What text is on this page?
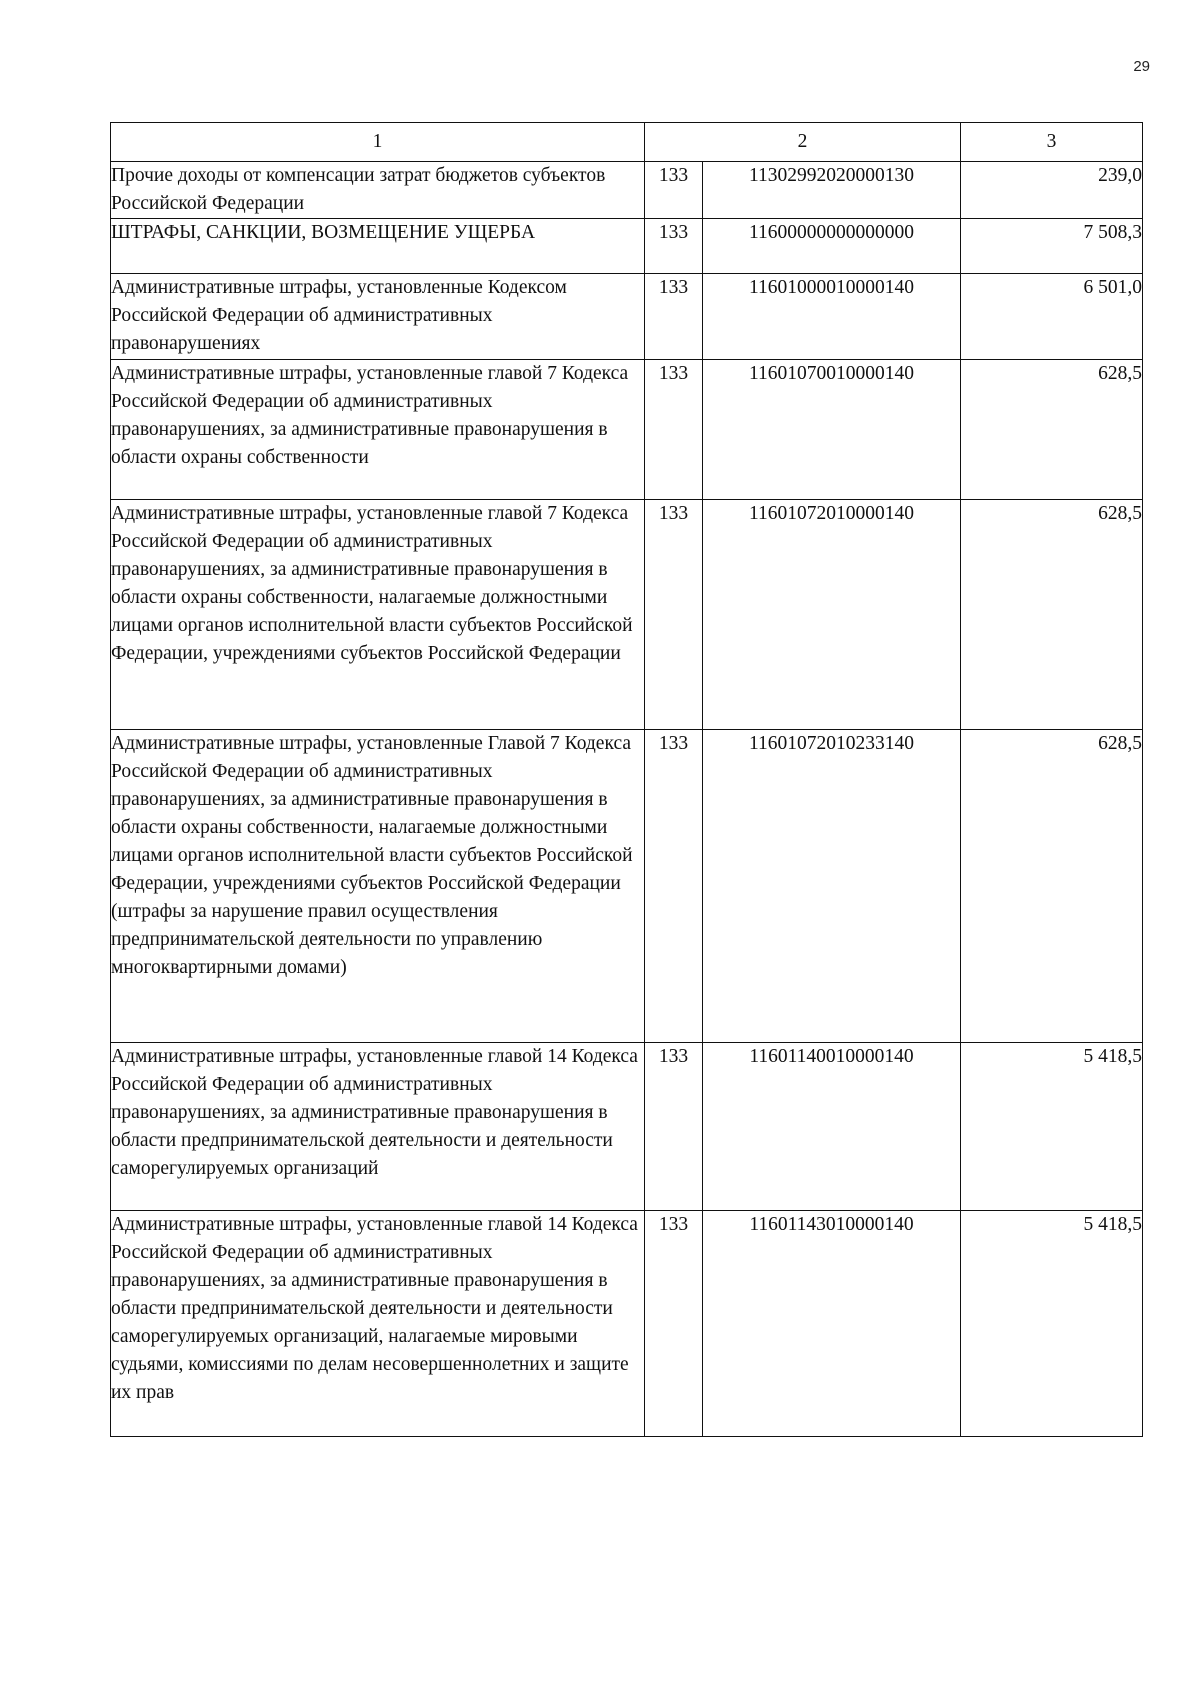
29
1	2		3
Прочие доходы от компенсации затрат бюджетов субъектов Российской Федерации	133	11302992020000130	239,0
ШТРАФЫ, САНКЦИИ, ВОЗМЕЩЕНИЕ УЩЕРБА	133	11600000000000000	7 508,3
Административные штрафы, установленные Кодексом Российской Федерации об административных правонарушениях	133	11601000010000140	6 501,0
Административные штрафы, установленные главой 7 Кодекса Российской Федерации об административных правонарушениях, за административные правонарушения в области охраны собственности	133	11601070010000140	628,5
Административные штрафы, установленные главой 7 Кодекса Российской Федерации об административных правонарушениях, за административные правонарушения в области охраны собственности, налагаемые должностными лицами органов исполнительной власти субъектов Российской Федерации, учреждениями субъектов Российской Федерации	133	11601072010000140	628,5
Административные штрафы, установленные Главой 7 Кодекса Российской Федерации об административных правонарушениях, за административные правонарушения в области охраны собственности, налагаемые должностными лицами органов исполнительной власти субъектов Российской Федерации, учреждениями субъектов Российской Федерации (штрафы за нарушение правил осуществления предпринимательской деятельности по управлению многоквартирными домами)	133	11601072010233140	628,5
Административные штрафы, установленные главой 14 Кодекса Российской Федерации об административных правонарушениях, за административные правонарушения в области предпринимательской деятельности и деятельности саморегулируемых организаций	133	11601140010000140	5 418,5
Административные штрафы, установленные главой 14 Кодекса Российской Федерации об административных правонарушениях, за административные правонарушения в области предпринимательской деятельности и деятельности саморегулируемых организаций, налагаемые мировыми судьями, комиссиями по делам несовершеннолетних и защите их прав	133	11601143010000140	5 418,5
